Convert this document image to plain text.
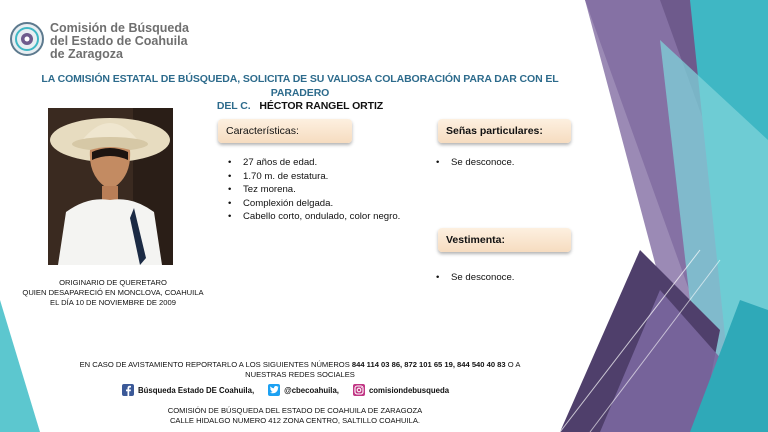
Comisión de Búsqueda
del Estado de Coahuila
de Zaragoza
LA COMISIÓN ESTATAL DE BÚSQUEDA, SOLICITA DE SU VALIOSA COLABORACIÓN PARA DAR CON EL PARADERO
DEL C. HÉCTOR RANGEL ORTIZ
ORIGINARIO DE QUERETARO
QUIEN DESAPARECIÓ EN MONCLOVA, COAHUILA
EL DÍA 10 DE NOVIEMBRE DE 2009
Características:
• 27 años de edad.
• 1.70 m. de estatura.
• Tez morena.
• Complexión delgada.
• Cabello corto, ondulado, color negro.
Señas particulares:
• Se desconoce.
Vestimenta:
• Se desconoce.
EN CASO DE AVISTAMIENTO REPORTARLO A LOS SIGUIENTES NÚMEROS 844 114 03 86, 872 101 65 19, 844 540 40 83 O A
NUESTRAS REDES SOCIALES
Búsqueda Estado DE Coahuila,	@cbecoahuila,	comisiondebusqueda
COMISIÓN DE BÚSQUEDA DEL ESTADO DE COAHUILA DE ZARAGOZA
CALLE HIDALGO NUMERO 412 ZONA CENTRO, SALTILLO COAHUILA.
